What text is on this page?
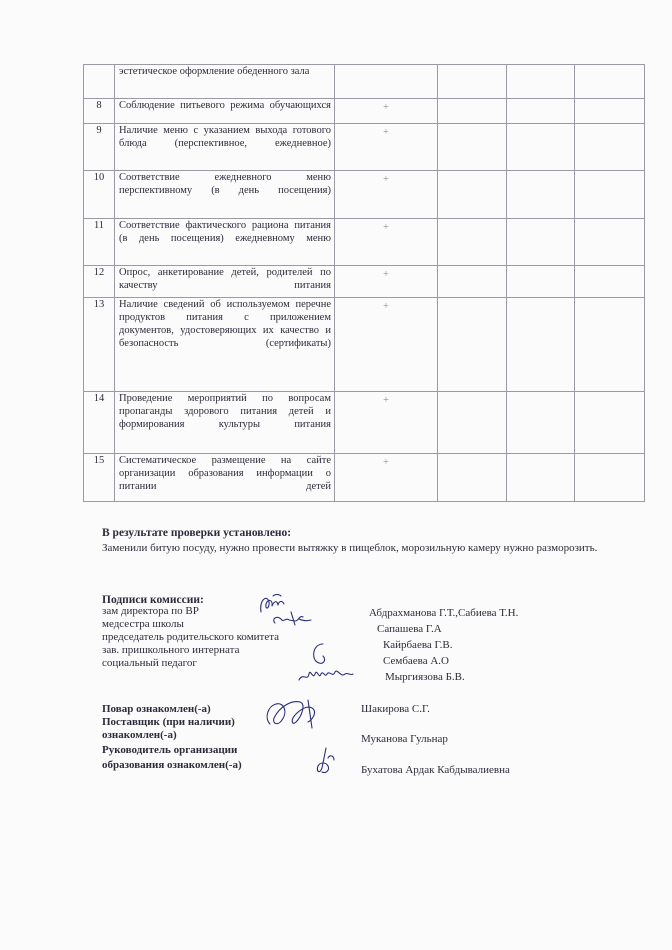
	эстетическое оформление обеденного зала	

8	Соблюдение питьевого режима обучающихся	+			

9	Наличие меню с указанием выхода готового блюда (перспективное, ежедневное)	+			

10	Соответствие ежедневного меню перспективному (в день посещения)	+			

11	Соответствие фактического рациона питания (в день посещения) ежедневному меню	+			

12	Опрос, анкетирование детей, родителей по качеству питания	+			

13	Наличие сведений об используемом перечне продуктов питания с приложением документов, удостоверяющих их качество и безопасность (сертификаты)	+			

14	Проведение мероприятий по вопросам пропаганды здорового питания детей и формирования культуры питания	+			

15	Систематическое размещение на сайте организации образования информации о питании детей	+			

В результате проверки установлено:
Заменили битую посуду, нужно провести вытяжку в пищеблок, морозильную камеру нужно разморозить.
Подписи комиссии:
зам директора по ВР
медсестра школы
председатель родительского комитета
зав. пришкольного интерната
социальный педагог
Абдрахманова Г.Т.,Сабиева Т.Н.
Сапашева Г.А
Кайрбаева Г.В.
Сембаева А.О
Мыргиязова Б.В.
Повар ознакомлен(-а)
Поставщик (при наличии)
ознакомлен(-а)
Руководитель организации
образования ознакомлен(-а)
Шакирова С.Г.
Муканова Гульнар
Бухатова Ардак Кабдывалиевна
